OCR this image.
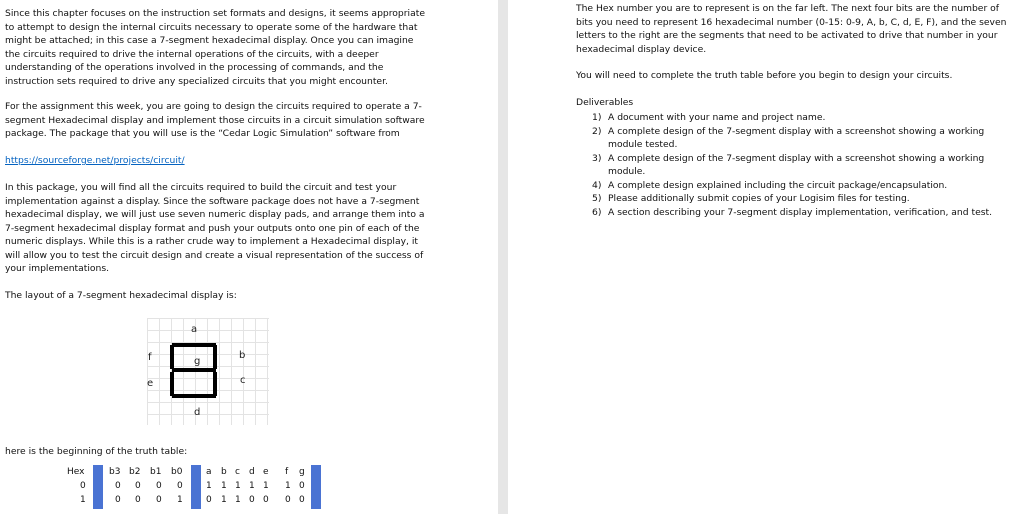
Since this chapter focuses on the instruction set formats and designs, it seems appropriate to attempt to design the internal circuits necessary to operate some of the hardware that might be attached; in this case a 7-segment hexadecimal display. Once you can imagine the circuits required to drive the internal operations of the circuits, with a deeper understanding of the operations involved in the processing of commands, and the instruction sets required to drive any specialized circuits that you might encounter.

For the assignment this week, you are going to design the circuits required to operate a 7-segment Hexadecimal display and implement those circuits in a circuit simulation software package. The package that you will use is the “Cedar Logic Simulation” software from

https://sourceforge.net/projects/circuit/

In this package, you will find all the circuits required to build the circuit and test your implementation against a display. Since the software package does not have a 7-segment hexadecimal display, we will just use seven numeric display pads, and arrange them into a 7-segment hexadecimal display format and push your outputs onto one pin of each of the numeric displays. While this is a rather crude way to implement a Hexadecimal display, it will allow you to test the circuit design and create a visual representation of the success of your implementations.

The layout of a 7-segment hexadecimal display is:

a
b
c
d
e
f	g

here is the beginning of the truth table:

Hex	b3 b2 b1 b0	a b c d e f g
0	0 0 0 0	1 1 1 1 1 1 0
1	0 0 0 1	0 1 1 0 0 0 0

The Hex number you are to represent is on the far left. The next four bits are the number of bits you need to represent 16 hexadecimal number (0-15: 0-9, A, b, C, d, E, F), and the seven letters to the right are the segments that need to be activated to drive that number in your hexadecimal display device.

You will need to complete the truth table before you begin to design your circuits.

Deliverables

1) A document with your name and project name.
2) A complete design of the 7-segment display with a screenshot showing a working module tested.
3) A complete design of the 7-segment display with a screenshot showing a working module.
4) A complete design explained including the circuit package/encapsulation.
5) Please additionally submit copies of your Logisim files for testing.
6) A section describing your 7-segment display implementation, verification, and test.
